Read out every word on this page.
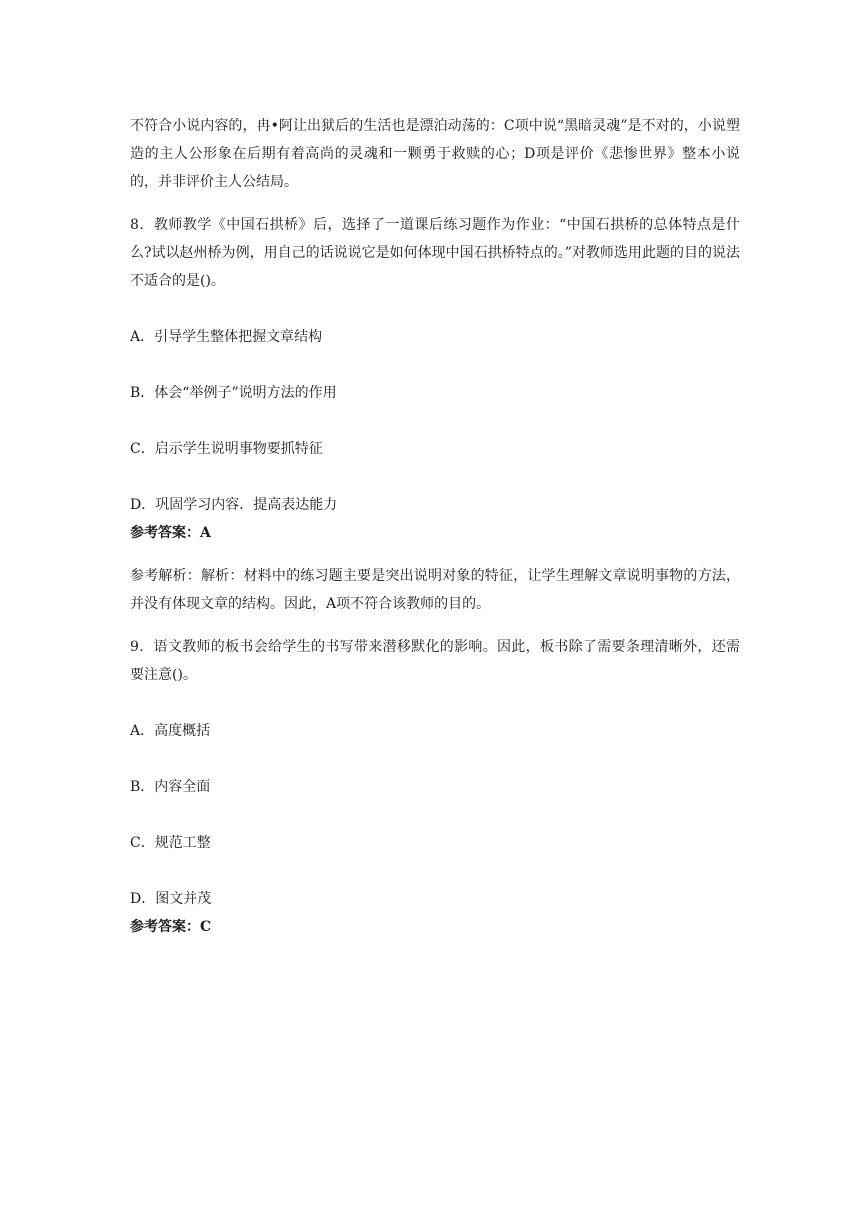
不符合小说内容的，冉•阿让出狱后的生活也是漂泊动荡的：C项中说“黑暗灵魂”是不对的，小说塑造的主人公形象在后期有着高尚的灵魂和一颗勇于救赎的心；D项是评价《悲惨世界》整本小说的，并非评价主人公结局。

8．教师教学《中国石拱桥》后，选择了一道课后练习题作为作业：“中国石拱桥的总体特点是什么?试以赵州桥为例，用自己的话说说它是如何体现中国石拱桥特点的。”对教师选用此题的目的说法不适合的是()。

A．引导学生整体把握文章结构

B．体会“举例子”说明方法的作用

C．启示学生说明事物要抓特征

D．巩固学习内容．提高表达能力

参考答案：A

参考解析：解析：材料中的练习题主要是突出说明对象的特征，让学生理解文章说明事物的方法，并没有体现文章的结构。因此，A项不符合该教师的目的。

9．语文教师的板书会给学生的书写带来潜移默化的影响。因此，板书除了需要条理清晰外，还需要注意()。

A．高度概括

B．内容全面

C．规范工整

D．图文并茂

参考答案：C
